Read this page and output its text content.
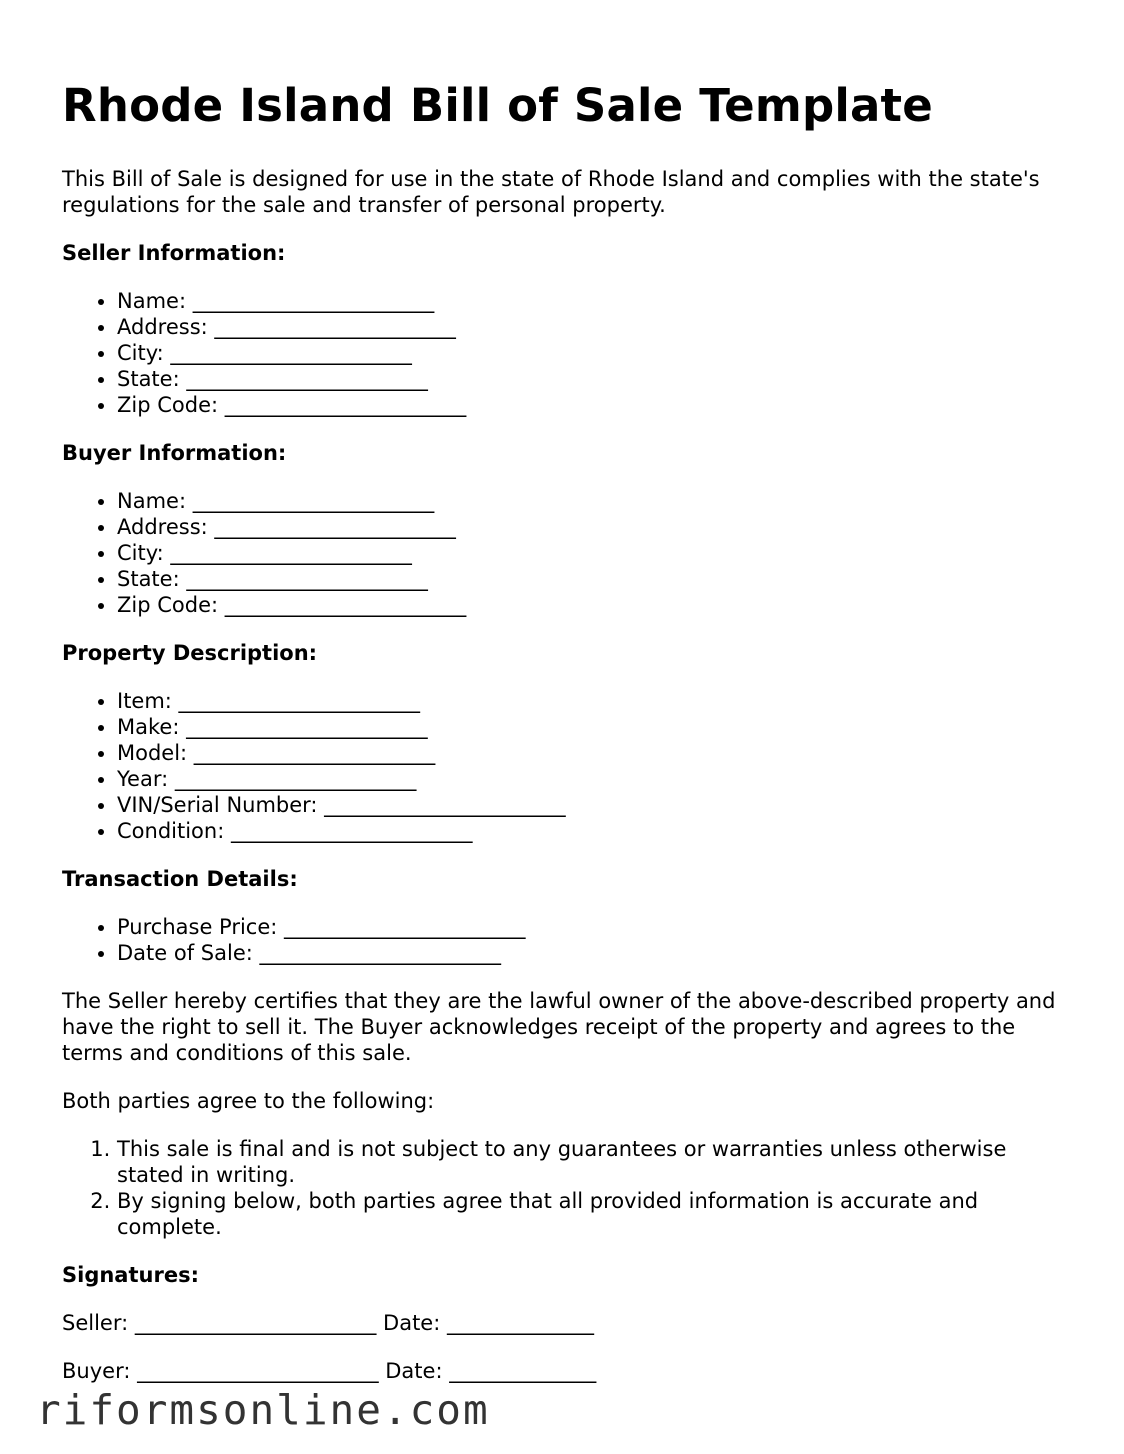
Rhode Island Bill of Sale Template

This Bill of Sale is designed for use in the state of Rhode Island and complies with the state's regulations for the sale and transfer of personal property.

Seller Information:
• Name: _______________________
• Address: _______________________
• City: _______________________
• State: _______________________
• Zip Code: _______________________
Buyer Information:
• Name: _______________________
• Address: _______________________
• City: _______________________
• State: _______________________
• Zip Code: _______________________
Property Description:
• Item: _______________________
• Make: _______________________
• Model: _______________________
• Year: _______________________
• VIN/Serial Number: _______________________
• Condition: _______________________
Transaction Details:
• Purchase Price: _______________________
• Date of Sale: _______________________

The Seller hereby certifies that they are the lawful owner of the above-described property and have the right to sell it. The Buyer acknowledges receipt of the property and agrees to the terms and conditions of this sale.

Both parties agree to the following:

1. This sale is final and is not subject to any guarantees or warranties unless otherwise stated in writing.
2. By signing below, both parties agree that all provided information is accurate and complete.
Signatures:
Seller: _______________________ Date: ______________
Buyer: _______________________ Date: ______________
riformsonline.com
